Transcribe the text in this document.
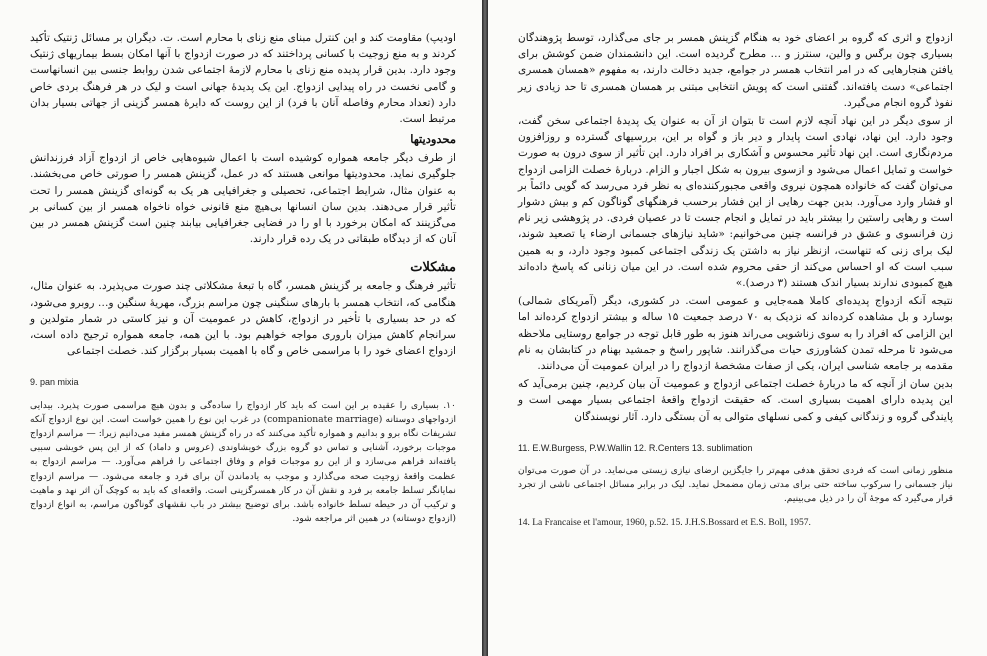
اودیپ) مقاومت کند و این کنترل مبنای منع زنای با محارم است. ت. دیگران بر مسائل ژنتیک تأکید کردند و به منع زوجیت با کسانی پرداختند که در صورت ازدواج با آنها امکان بسط بیماریهای ژنتیک وجود دارد. بدین قرار پدیده منع زنای با محارم لازمهٔ اجتماعی شدن روابط جنسی بین انسانهاست و گامی نخست در راه پیدایی ازدواج. این یک پدیدهٔ جهانی است و لیک در هر فرهنگ بردی خاص دارد (تعداد محارم وفاصله آنان با فرد) از این روست که دایرهٔ همسر گزینی از جهاتی بسیار بدان مرتبط است.

محدودیتها

از طرف دیگر جامعه همواره کوشیده است با اعمال شیوه‌هایی خاص از ازدواج آزاد فرزندانش جلوگیری نماید. محدودیتها موانعی هستند که در عمل، گزینش همسر را صورتی خاص می‌بخشند. به عنوان مثال، شرایط اجتماعی، تحصیلی و جغرافیایی هر یک به گونه‌ای گزینش همسر را تحت تأثیر قرار می‌دهند. بدین سان انسانها بی‌هیچ منع قانونی خواه ناخواه همسر از بین کسانی بر می‌گزینند که امکان برخورد با او را در فضایی جغرافیایی بیابند چنین است گزینش همسر در بین آنان که از دیدگاه طبقاتی در یک رده قرار دارند.

مشکلات

تأثیر فرهنگ و جامعه بر گزینش همسر، گاه با تبعهٔ مشکلاتی چند صورت می‌پذیرد. به عنوان مثال، هنگامی که، انتخاب همسر با بارهای سنگینی چون مراسم بزرگ، مهریهٔ سنگین و… روبرو می‌شود، که در حد بسیاری با تأخیر در ازدواج، کاهش در عمومیت آن و نیز کاستی در شمار متولدین و سرانجام کاهش میزان باروری مواجه خواهیم بود. با این همه، جامعه همواره ترجیح داده است، ازدواج اعضای خود را با مراسمی خاص و گاه با اهمیت بسیار برگزار کند. خصلت اجتماعی

9. pan mixia

۱۰. بسیاری را عقیده بر این است که باید کار ازدواج را ساده‌گی و بدون هیچ مراسمی صورت پذیرد. بیدایی ازدواجهای دوستانه (companionate marriage) در غرب این نوع را همین خواست است. این نوع ازدواج آنکه تشریفات نگاه برو و بدانیم و همواره تأکید می‌کنند که در راه گزینش همسر مفید می‌دانیم زیرا: — مراسم ازدواج موجبات برخورد، آشنایی و تماس دو گروه بزرگ خویشاوندی (عروس و داماد) که از این پس خویشی سببی یافته‌اند فراهم می‌سازد و از این رو موجبات قوام و وفاق اجتماعی را فراهم می‌آورد. — مراسم ازدواج به عظمت واقعهٔ زوجیت صحه می‌گذارد و موجب به یادماندن آن برای فرد و جامعه می‌شود. — مراسم ازدواج نمایانگر تسلط جامعه بر فرد و نقش آن در کار همسرگزینی است. واقعه‌ای که باید به کوچک آن اثر نهد و ماهیت و ترکیب آن در حیطه تسلط خانواده باشد. برای توضیح بیشتر در باب نقشهای گوناگون مراسم، به انواع ازدواج (ازدواج دوستانه) در همین اثر مراجعه شود.

ازدواج و اثری که گروه بر اعضای خود به هنگام گزینش همسر بر جای می‌گذارد، توسط پژوهندگان بسیاری چون برگس و والین، سنترز و … مطرح گردیده است. این دانشمندان ضمن کوشش برای یافتن هنجارهایی که در امر انتخاب همسر در جوامع، جدید دخالت دارند، به مفهوم «همسان همسری اجتماعی» دست یافته‌اند. گفتنی است که پویش انتخابی مبتنی بر همسان همسری تا حد زیادی زیر نفوذ گروه انجام می‌گیرد.

از سوی دیگر در این نهاد آنچه لازم است تا بتوان از آن به عنوان یک پدیدهٔ اجتماعی سخن گفت، وجود دارد. این نهاد، نهادی است پایدار و دیر باز و گواه بر این، بررسیهای گسترده و روزافزون مردم‌نگاری است. این نهاد تأثیر محسوس و آشکاری بر افراد دارد. این تأثیر از سوی درون به صورت خواست و تمایل اعمال می‌شود و ازسوی بیرون به شکل اجبار و الزام. دربارهٔ خصلت الزامی ازدواج می‌توان گفت که خانواده همچون نیروی واقعی مجبورکننده‌ای به نظر فرد می‌رسد که گویی دائماً بر او فشار وارد می‌آورد. بدین جهت رهایی از این فشار برحسب فرهنگهای گوناگون کم و بیش دشوار است و رهایی راستین را بیشتر باید در تمایل و انجام جست تا در عصیان فردی. در پژوهشی زیر نام زن فرانسوی و عشق در فرانسه چنین می‌خوانیم: «شاید نیازهای جسمانی ارضاء یا تصعید شوند، لیک برای زنی که تنهاست، ازنظر نیاز به داشتن یک زندگی اجتماعی کمبود وجود دارد، و به همین سبب است که او احساس می‌کند از حقی محروم شده است. در این میان زنانی که پاسخ داده‌اند هیچ کمبودی ندارند بسیار اندک هستند (۳ درصد).»

نتیجه آنکه ازدواج پدیده‌ای کاملا همه‌جایی و عمومی است. در کشوری، دیگر (آمریکای شمالی) بوسارد و بل مشاهده کرده‌اند که نزدیک به ۷۰ درصد جمعیت ۱۵ ساله و بیشتر ازدواج کرده‌اند اما این الزامی که افراد را به سوی زناشویی می‌راند هنوز به طور قابل توجه در جوامع روستایی ملاحظه می‌شود تا مرحله تمدن کشاورزی حیات می‌گذرانند. شاپور راسخ و جمشید بهنام در کتابشان به نام مقدمه بر جامعه شناسی ایران، یکی از صفات مشخصهٔ ازدواج را در ایران عمومیت آن می‌دانند.

بدین سان از آنچه که ما دربارهٔ خصلت اجتماعی ازدواج و عمومیت آن بیان کردیم، چنین برمی‌آید که این پدیده دارای اهمیت بسیاری است. که حقیقت ازدواج واقعهٔ اجتماعی بسیار مهمی است و پایندگی گروه و زندگانی کیفی و کمی نسلهای متوالی به آن بستگی دارد. آثار نویسندگان

11. E.W.Burgess, P.W.Wallin 12. R.Centers 13. sublimation

منظور زمانی است که فردی تحقق هدفی مهم‌تر را جایگزین ارضای نیازی زیستی می‌نماید. در آن صورت می‌توان نیاز جسمانی را سرکوب ساخته حتی برای مدتی زمان مضمحل نماید. لیک در برابر مسائل اجتماعی ناشی از تجرد قرار می‌گیرد که موجهٔ آن را در ذیل می‌بینیم.

14. La Francaise et l'amour, 1960, p.52. 15. J.H.S.Bossard et E.S. Boll, 1957.
